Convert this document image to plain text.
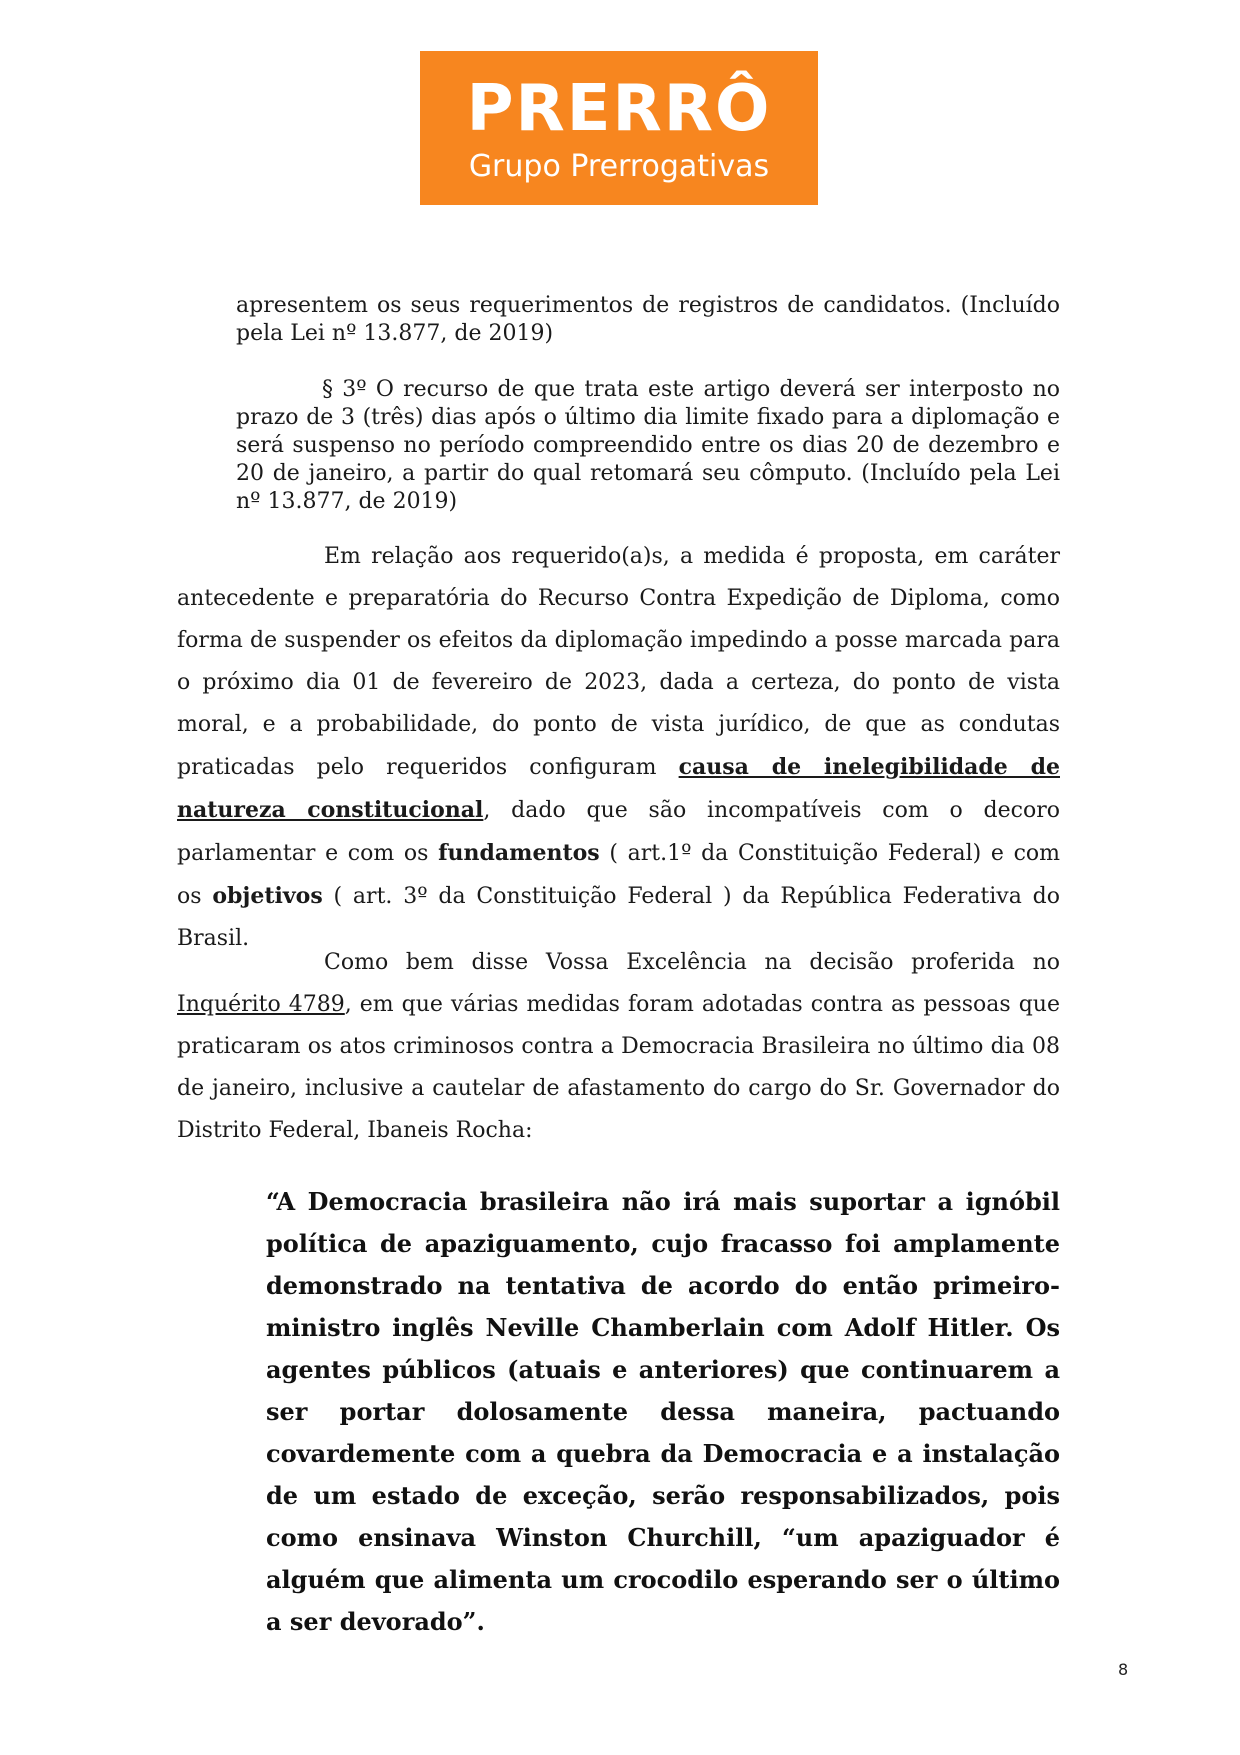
PRERRÔ
Grupo Prerrogativas

apresentem os seus requerimentos de registros de candidatos. (Incluído pela Lei nº 13.877, de 2019)

§ 3º O recurso de que trata este artigo deverá ser interposto no prazo de 3 (três) dias após o último dia limite fixado para a diplomação e será suspenso no período compreendido entre os dias 20 de dezembro e 20 de janeiro, a partir do qual retomará seu cômputo. (Incluído pela Lei nº 13.877, de 2019)

Em relação aos requerido(a)s, a medida é proposta, em caráter antecedente e preparatória do Recurso Contra Expedição de Diploma, como forma de suspender os efeitos da diplomação impedindo a posse marcada para o próximo dia 01 de fevereiro de 2023, dada a certeza, do ponto de vista moral, e a probabilidade, do ponto de vista jurídico, de que as condutas praticadas pelo requeridos configuram causa de inelegibilidade de natureza constitucional, dado que são incompatíveis com o decoro parlamentar e com os fundamentos ( art.1º da Constituição Federal) e com os objetivos ( art. 3º da Constituição Federal ) da República Federativa do Brasil.

Como bem disse Vossa Excelência na decisão proferida no Inquérito 4789, em que várias medidas foram adotadas contra as pessoas que praticaram os atos criminosos contra a Democracia Brasileira no último dia 08 de janeiro, inclusive a cautelar de afastamento do cargo do Sr. Governador do Distrito Federal, Ibaneis Rocha:

“A Democracia brasileira não irá mais suportar a ignóbil política de apaziguamento, cujo fracasso foi amplamente demonstrado na tentativa de acordo do então primeiro-ministro inglês Neville Chamberlain com Adolf Hitler. Os agentes públicos (atuais e anteriores) que continuarem a ser portar dolosamente dessa maneira, pactuando covardemente com a quebra da Democracia e a instalação de um estado de exceção, serão responsabilizados, pois como ensinava Winston Churchill, “um apaziguador é alguém que alimenta um crocodilo esperando ser o último a ser devorado”.

8
